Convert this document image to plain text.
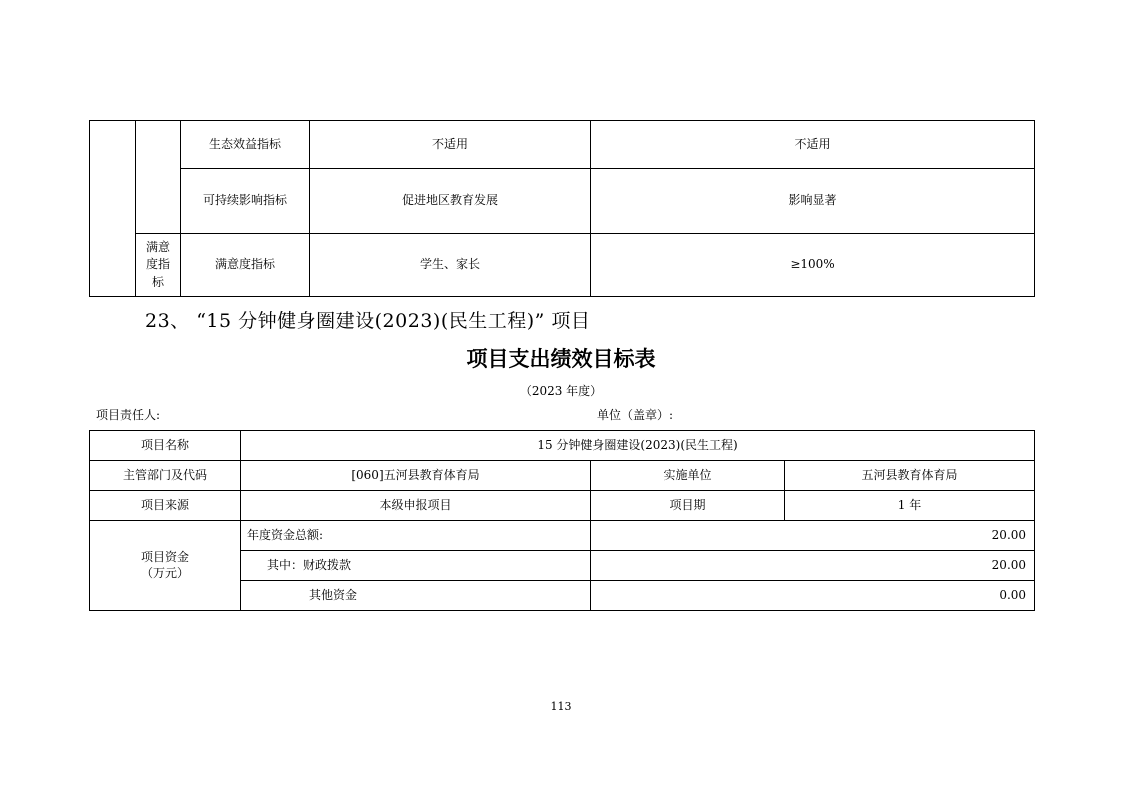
		生态效益指标	不适用	不适用
		可持续影响指标	促进地区教育发展	影响显著
	满意
度指
标	满意度指标	学生、家长	≥100%
23、 “15 分钟健身圈建设(2023)(民生工程)” 项目
项目支出绩效目标表
（2023 年度）
项目责任人:	单位（盖章）:
项目名称	15 分钟健身圈建设(2023)(民生工程)		
主管部门及代码	[060]五河县教育体育局	实施单位	五河县教育体育局
项目来源	本级申报项目	项目期	1 年

项目资金
（万元）	年度资金总额:	20.00	
	其中：财政拨款	20.00	
	其他资金	0.00	
113
